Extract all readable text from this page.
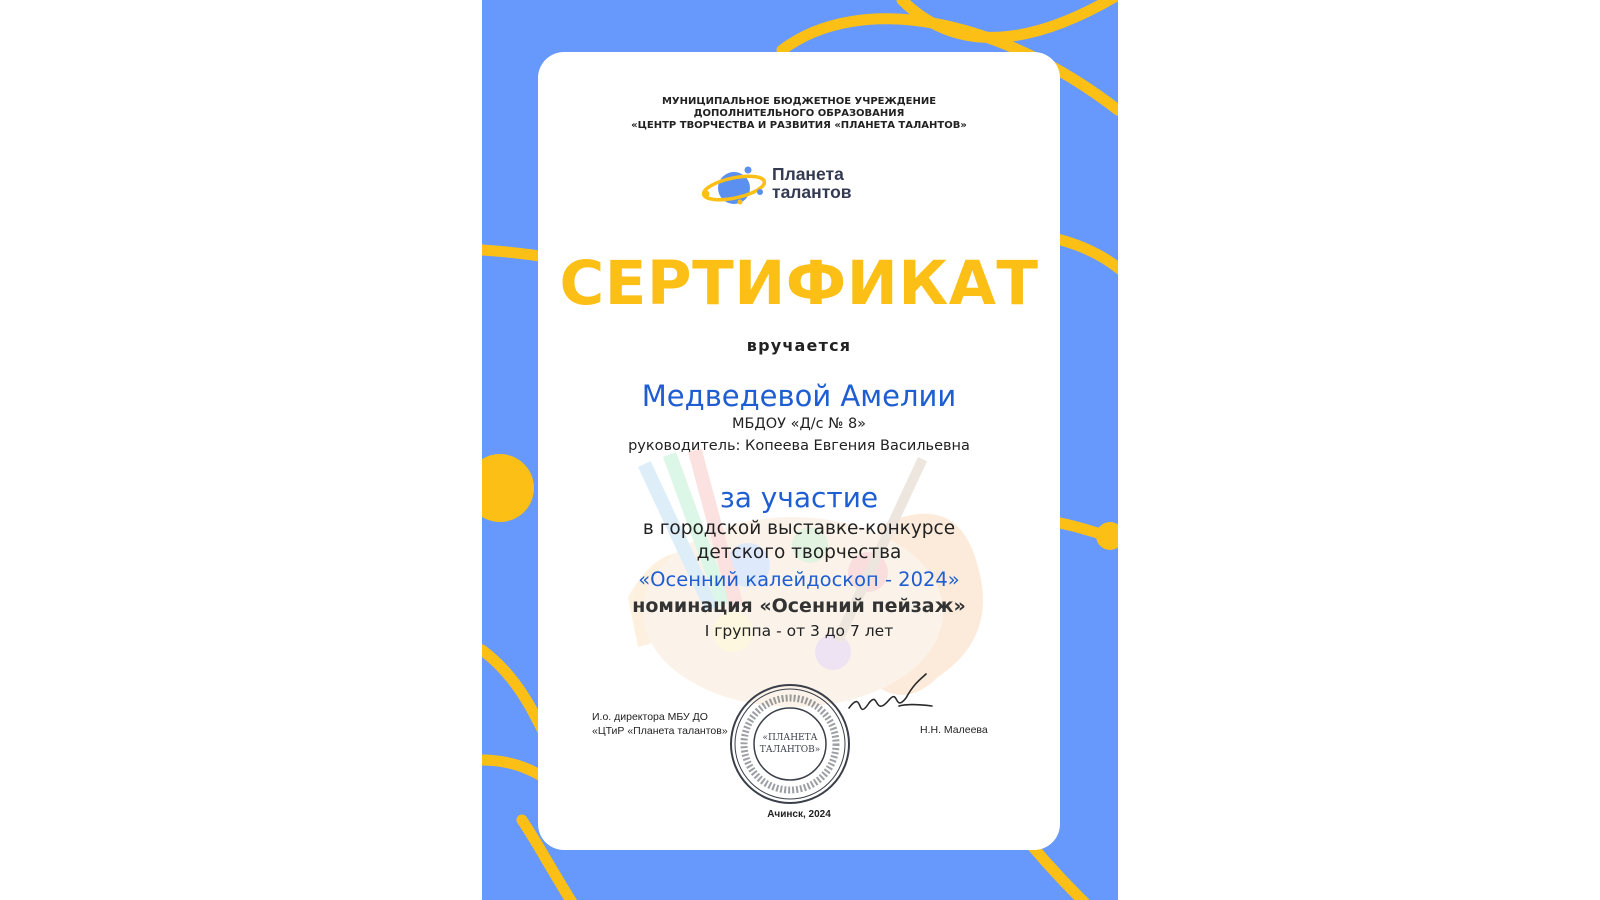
МУНИЦИПАЛЬНОЕ БЮДЖЕТНОЕ УЧРЕЖДЕНИЕ
ДОПОЛНИТЕЛЬНОГО ОБРАЗОВАНИЯ
«ЦЕНТР ТВОРЧЕСТВА И РАЗВИТИЯ «ПЛАНЕТА ТАЛАНТОВ»
Планета
талантов
СЕРТИФИКАТ
вручается
Медведевой Амелии
МБДОУ «Д/с № 8»
руководитель: Копеева Евгения Васильевна
за участие
в городской выставке-конкурсе
детского творчества
«Осенний калейдоскоп - 2024»
номинация «Осенний пейзаж»
I группа - от 3 до 7 лет
И.о. директора МБУ ДО
«ЦТиР «Планета талантов»
«ПЛАНЕТА
ТАЛАНТОВ»
Н.Н. Малеева
Ачинск, 2024
